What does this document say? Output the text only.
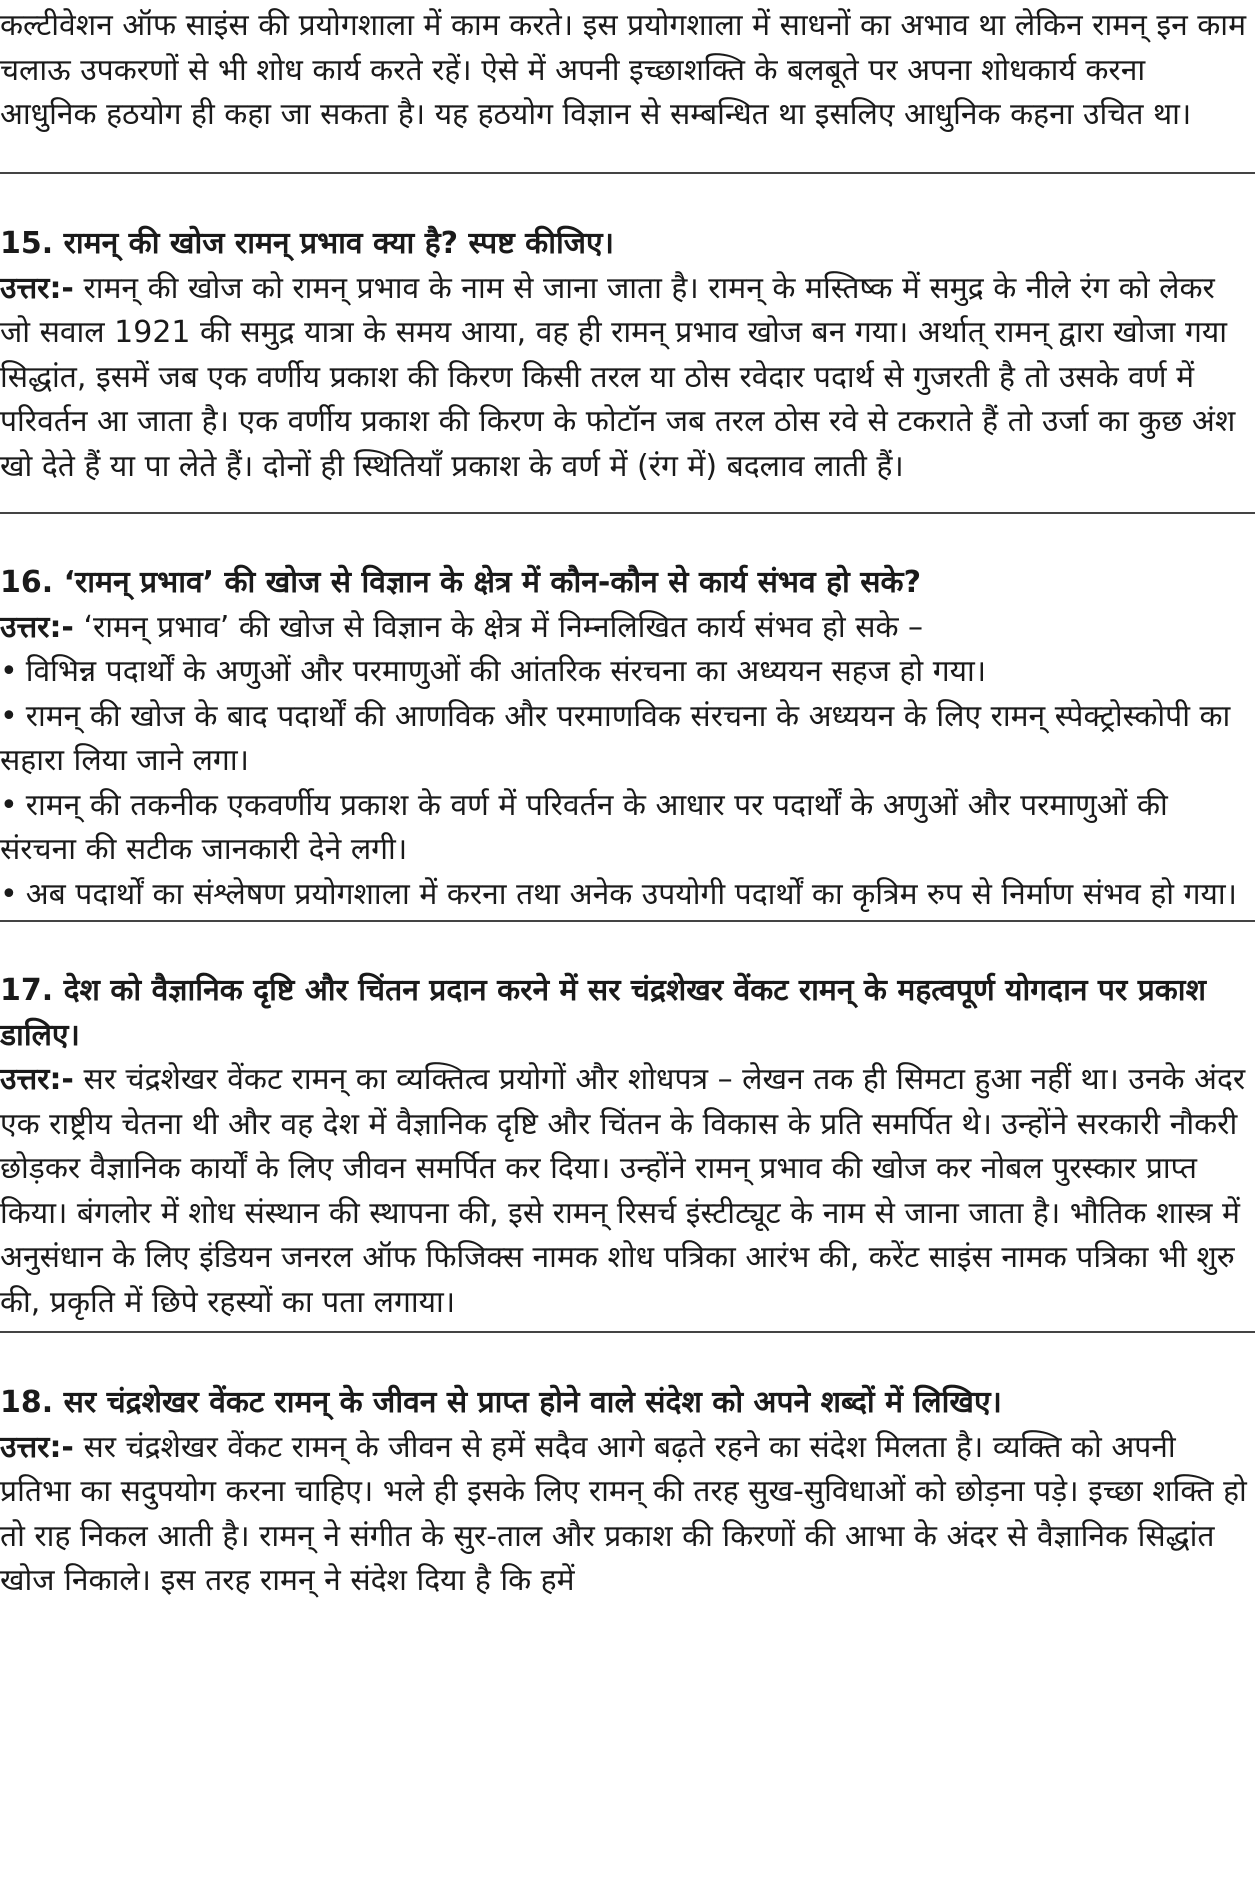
कल्टीवेशन ऑफ साइंस की प्रयोगशाला में काम करते। इस प्रयोगशाला में साधनों का अभाव था लेकिन रामन् इन काम चलाऊ उपकरणों से भी शोध कार्य करते रहें। ऐसे में अपनी इच्छाशक्ति के बलबूते पर अपना शोधकार्य करना आधुनिक हठयोग ही कहा जा सकता है। यह हठयोग विज्ञान से सम्बन्धित था इसलिए आधुनिक कहना उचित था।

15. रामन् की खोज रामन् प्रभाव क्या है? स्पष्ट कीजिए।

उत्तर:- रामन् की खोज को रामन् प्रभाव के नाम से जाना जाता है। रामन् के मस्तिष्क में समुद्र के नीले रंग को लेकर जो सवाल 1921 की समुद्र यात्रा के समय आया, वह ही रामन् प्रभाव खोज बन गया। अर्थात् रामन् द्वारा खोजा गया सिद्धांत, इसमें जब एक वर्णीय प्रकाश की किरण किसी तरल या ठोस रवेदार पदार्थ से गुजरती है तो उसके वर्ण में परिवर्तन आ जाता है। एक वर्णीय प्रकाश की किरण के फोटॉन जब तरल ठोस रवे से टकराते हैं तो उर्जा का कुछ अंश खो देते हैं या पा लेते हैं। दोनों ही स्थितियाँ प्रकाश के वर्ण में (रंग में) बदलाव लाती हैं।

16. ‘रामन् प्रभाव’ की खोज से विज्ञान के क्षेत्र में कौन-कौन से कार्य संभव हो सके?

उत्तर:- ‘रामन् प्रभाव’ की खोज से विज्ञान के क्षेत्र में निम्नलिखित कार्य संभव हो सके –

• विभिन्न पदार्थों के अणुओं और परमाणुओं की आंतरिक संरचना का अध्ययन सहज हो गया।
• रामन् की खोज के बाद पदार्थों की आणविक और परमाणविक संरचना के अध्ययन के लिए रामन् स्पेक्ट्रोस्कोपी का सहारा लिया जाने लगा।
• रामन् की तकनीक एकवर्णीय प्रकाश के वर्ण में परिवर्तन के आधार पर पदार्थों के अणुओं और परमाणुओं की संरचना की सटीक जानकारी देने लगी।
• अब पदार्थों का संश्लेषण प्रयोगशाला में करना तथा अनेक उपयोगी पदार्थों का कृत्रिम रुप से निर्माण संभव हो गया।

17. देश को वैज्ञानिक दृष्टि और चिंतन प्रदान करने में सर चंद्रशेखर वेंकट रामन् के महत्वपूर्ण योगदान पर प्रकाश डालिए।

उत्तर:- सर चंद्रशेखर वेंकट रामन् का व्यक्तित्व प्रयोगों और शोधपत्र – लेखन तक ही सिमटा हुआ नहीं था। उनके अंदर एक राष्ट्रीय चेतना थी और वह देश में वैज्ञानिक दृष्टि और चिंतन के विकास के प्रति समर्पित थे। उन्होंने सरकारी नौकरी छोड़कर वैज्ञानिक कार्यों के लिए जीवन समर्पित कर दिया। उन्होंने रामन् प्रभाव की खोज कर नोबल पुरस्कार प्राप्त किया। बंगलोर में शोध संस्थान की स्थापना की, इसे रामन् रिसर्च इंस्टीट्यूट के नाम से जाना जाता है। भौतिक शास्त्र में अनुसंधान के लिए इंडियन जनरल ऑफ फिजिक्स नामक शोध पत्रिका आरंभ की, करेंट साइंस नामक पत्रिका भी शुरु की, प्रकृति में छिपे रहस्यों का पता लगाया।

18. सर चंद्रशेखर वेंकट रामन् के जीवन से प्राप्त होने वाले संदेश को अपने शब्दों में लिखिए।

उत्तर:- सर चंद्रशेखर वेंकट रामन् के जीवन से हमें सदैव आगे बढ़ते रहने का संदेश मिलता है। व्यक्ति को अपनी प्रतिभा का सदुपयोग करना चाहिए। भले ही इसके लिए रामन् की तरह सुख-सुविधाओं को छोड़ना पड़े। इच्छा शक्ति हो तो राह निकल आती है। रामन् ने संगीत के सुर-ताल और प्रकाश की किरणों की आभा के अंदर से वैज्ञानिक सिद्धांत खोज निकाले। इस तरह रामन् ने संदेश दिया है कि हमें
